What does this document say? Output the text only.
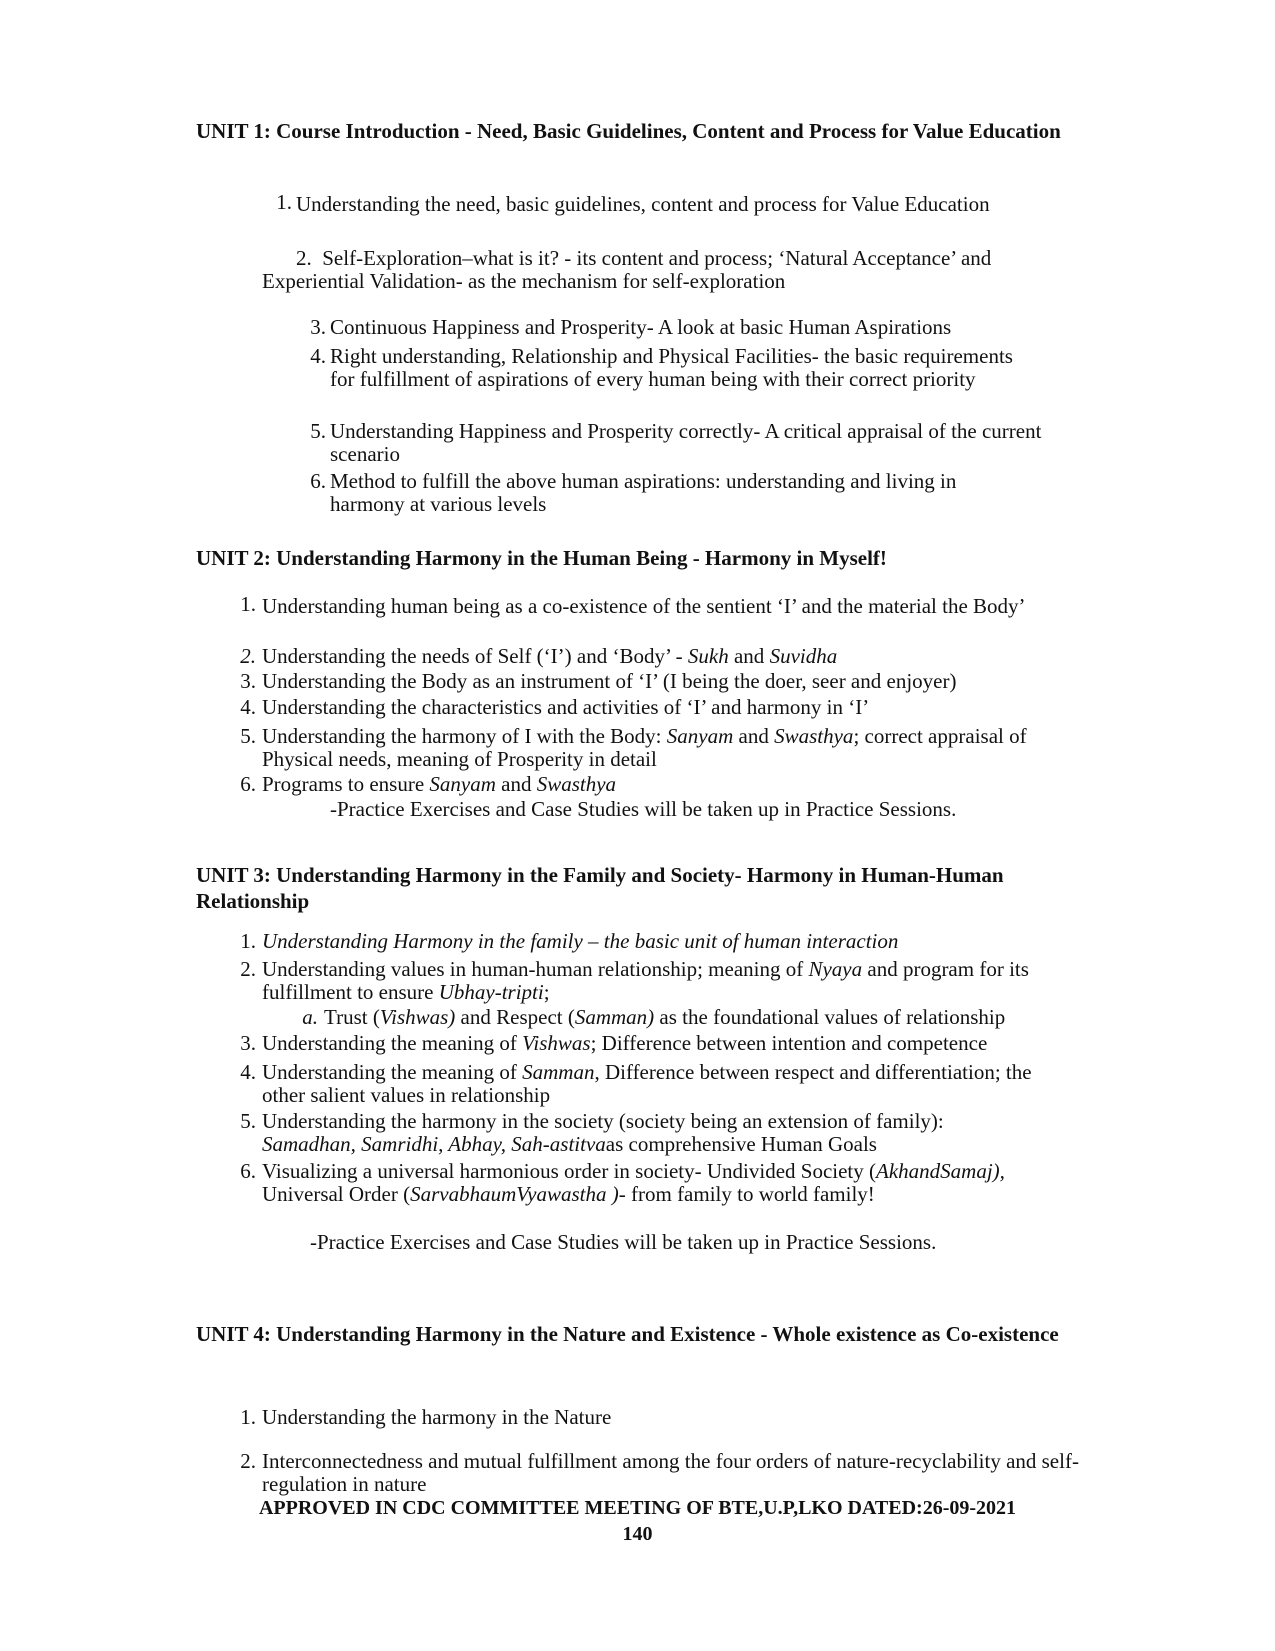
UNIT 1: Course Introduction - Need, Basic Guidelines, Content and Process for Value Education

1. Understanding the need, basic guidelines, content and process for Value Education
2. Self-Exploration–what is it? - its content and process; ‘Natural Acceptance’ and Experiential Validation- as the mechanism for self-exploration
3. Continuous Happiness and Prosperity- A look at basic Human Aspirations
4. Right understanding, Relationship and Physical Facilities- the basic requirements for fulfillment of aspirations of every human being with their correct priority
5. Understanding Happiness and Prosperity correctly- A critical appraisal of the current scenario
6. Method to fulfill the above human aspirations: understanding and living in harmony at various levels

UNIT 2: Understanding Harmony in the Human Being - Harmony in Myself!

1. Understanding human being as a co-existence of the sentient ‘I’ and the material the Body’
2. Understanding the needs of Self (‘I’) and ‘Body’ - Sukh and Suvidha
3. Understanding the Body as an instrument of ‘I’ (I being the doer, seer and enjoyer)
4. Understanding the characteristics and activities of ‘I’ and harmony in ‘I’
5. Understanding the harmony of I with the Body: Sanyam and Swasthya; correct appraisal of Physical needs, meaning of Prosperity in detail
6. Programs to ensure Sanyam and Swasthya

-Practice Exercises and Case Studies will be taken up in Practice Sessions.

UNIT 3: Understanding Harmony in the Family and Society- Harmony in Human-Human Relationship

1. Understanding Harmony in the family – the basic unit of human interaction
2. Understanding values in human-human relationship; meaning of Nyaya and program for its fulfillment to ensure Ubhay-tripti;
a. Trust (Vishwas) and Respect (Samman) as the foundational values of relationship
3. Understanding the meaning of Vishwas; Difference between intention and competence
4. Understanding the meaning of Samman, Difference between respect and differentiation; the other salient values in relationship
5. Understanding the harmony in the society (society being an extension of family): Samadhan, Samridhi, Abhay, Sah-astitvaas comprehensive Human Goals
6. Visualizing a universal harmonious order in society- Undivided Society (AkhandSamaj), Universal Order (SarvabhaumVyawastha )- from family to world family!

-Practice Exercises and Case Studies will be taken up in Practice Sessions.

UNIT 4: Understanding Harmony in the Nature and Existence - Whole existence as Co-existence

1. Understanding the harmony in the Nature
2. Interconnectedness and mutual fulfillment among the four orders of nature-recyclability and self-regulation in nature

APPROVED IN CDC COMMITTEE MEETING OF BTE,U.P,LKO DATED:26-09-2021

140
